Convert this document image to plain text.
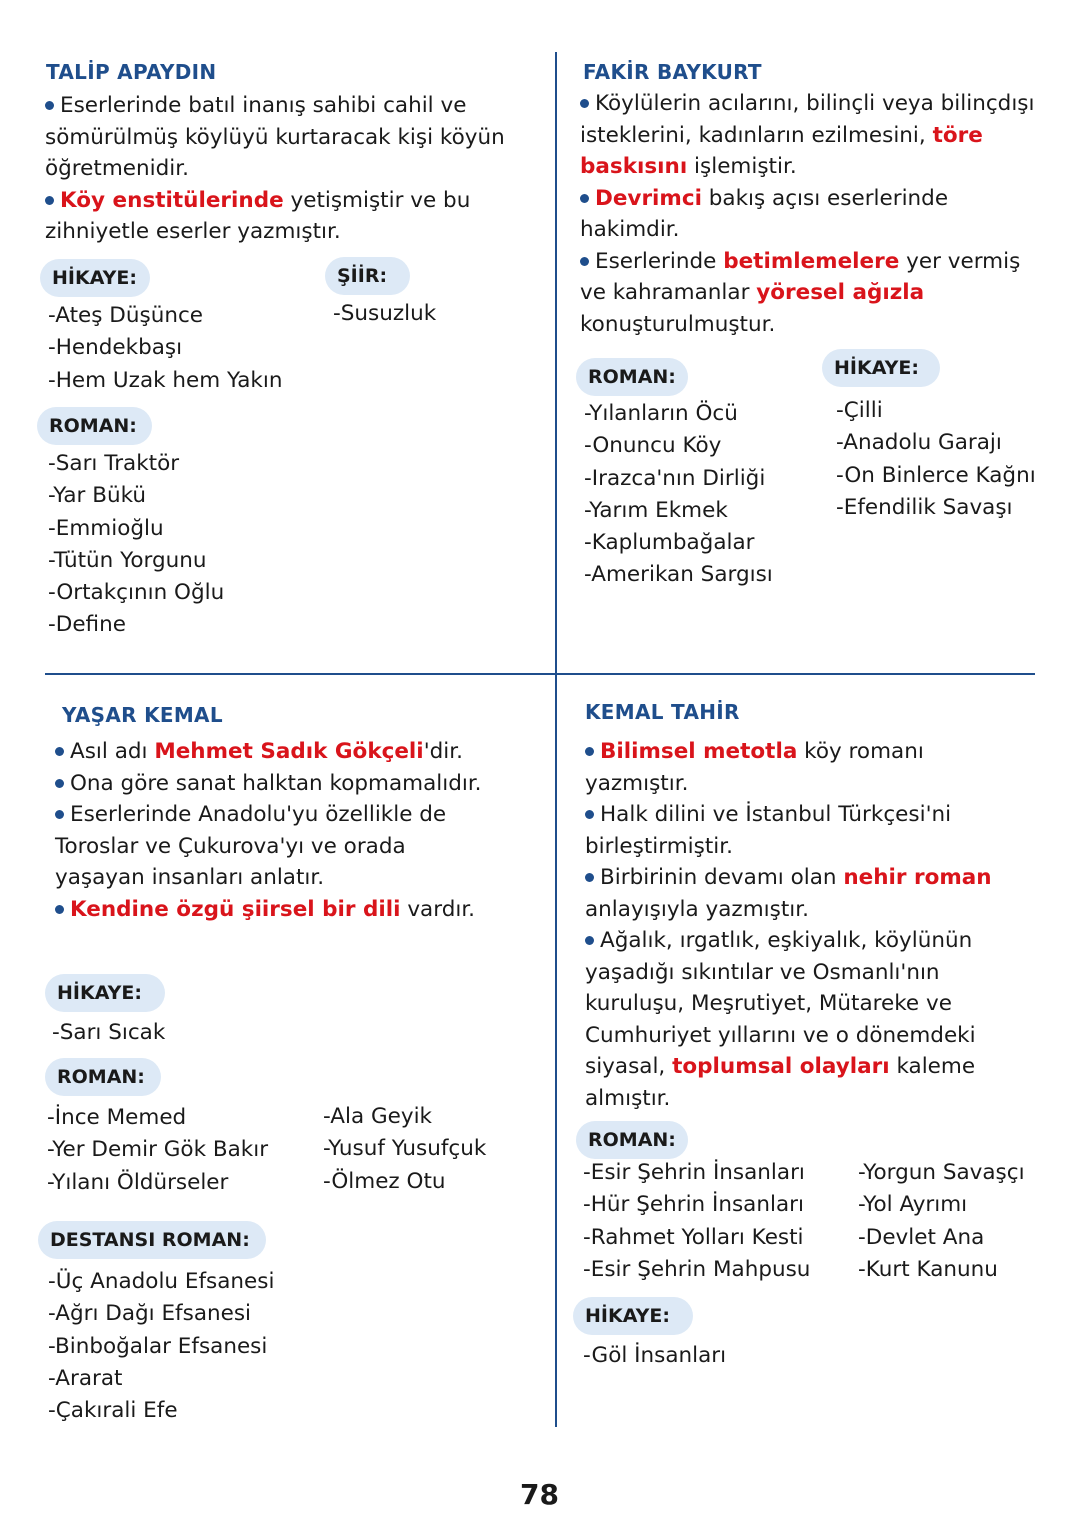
TALİP APAYDIN
Eserlerinde batıl inanış sahibi cahil ve sömürülmüş köylüyü kurtaracak kişi köyün öğretmenidir.
Köy enstitülerinde yetişmiştir ve bu zihniyetle eserler yazmıştır.
HİKAYE:
-Ateş Düşünce
-Hendekbaşı
-Hem Uzak hem Yakın
ŞİİR:
-Susuzluk
ROMAN:
-Sarı Traktör
-Yar Bükü
-Emmioğlu
-Tütün Yorgunu
-Ortakçının Oğlu
-Define
FAKİR BAYKURT
Köylülerin acılarını, bilinçli veya bilinçdışı isteklerini, kadınların ezilmesini, töre baskısını işlemiştir.
Devrimci bakış açısı eserlerinde hakimdir.
Eserlerinde betimlemelere yer vermiş ve kahramanlar yöresel ağızla konuşturulmuştur.
ROMAN:
-Yılanların Öcü
-Onuncu Köy
-Irazca'nın Dirliği
-Yarım Ekmek
-Kaplumbağalar
-Amerikan Sargısı
HİKAYE:
-Çilli
-Anadolu Garajı
-On Binlerce Kağnı
-Efendilik Savaşı
YAŞAR KEMAL
Asıl adı Mehmet Sadık Gökçeli'dir.
Ona göre sanat halktan kopmamalıdır.
Eserlerinde Anadolu'yu özellikle de Toroslar ve Çukurova'yı ve orada yaşayan insanları anlatır.
Kendine özgü şiirsel bir dili vardır.
HİKAYE:
-Sarı Sıcak
ROMAN:
-İnce Memed
-Yer Demir Gök Bakır
-Yılanı Öldürseler
-Ala Geyik
-Yusuf Yusufçuk
-Ölmez Otu
DESTANSI ROMAN:
-Üç Anadolu Efsanesi
-Ağrı Dağı Efsanesi
-Binboğalar Efsanesi
-Ararat
-Çakırali Efe
KEMAL TAHİR
Bilimsel metotla köy romanı yazmıştır.
Halk dilini ve İstanbul Türkçesi'ni birleştirmiştir.
Birbirinin devamı olan nehir roman anlayışıyla yazmıştır.
Ağalık, ırgatlık, eşkiyalık, köylünün yaşadığı sıkıntılar ve Osmanlı'nın kuruluşu, Meşrutiyet, Mütareke ve Cumhuriyet yıllarını ve o dönemdeki siyasal, toplumsal olayları kaleme almıştır.
ROMAN:
-Esir Şehrin İnsanları
-Hür Şehrin İnsanları
-Rahmet Yolları Kesti
-Esir Şehrin Mahpusu
-Yorgun Savaşçı
-Yol Ayrımı
-Devlet Ana
-Kurt Kanunu
HİKAYE:
-Göl İnsanları
78
